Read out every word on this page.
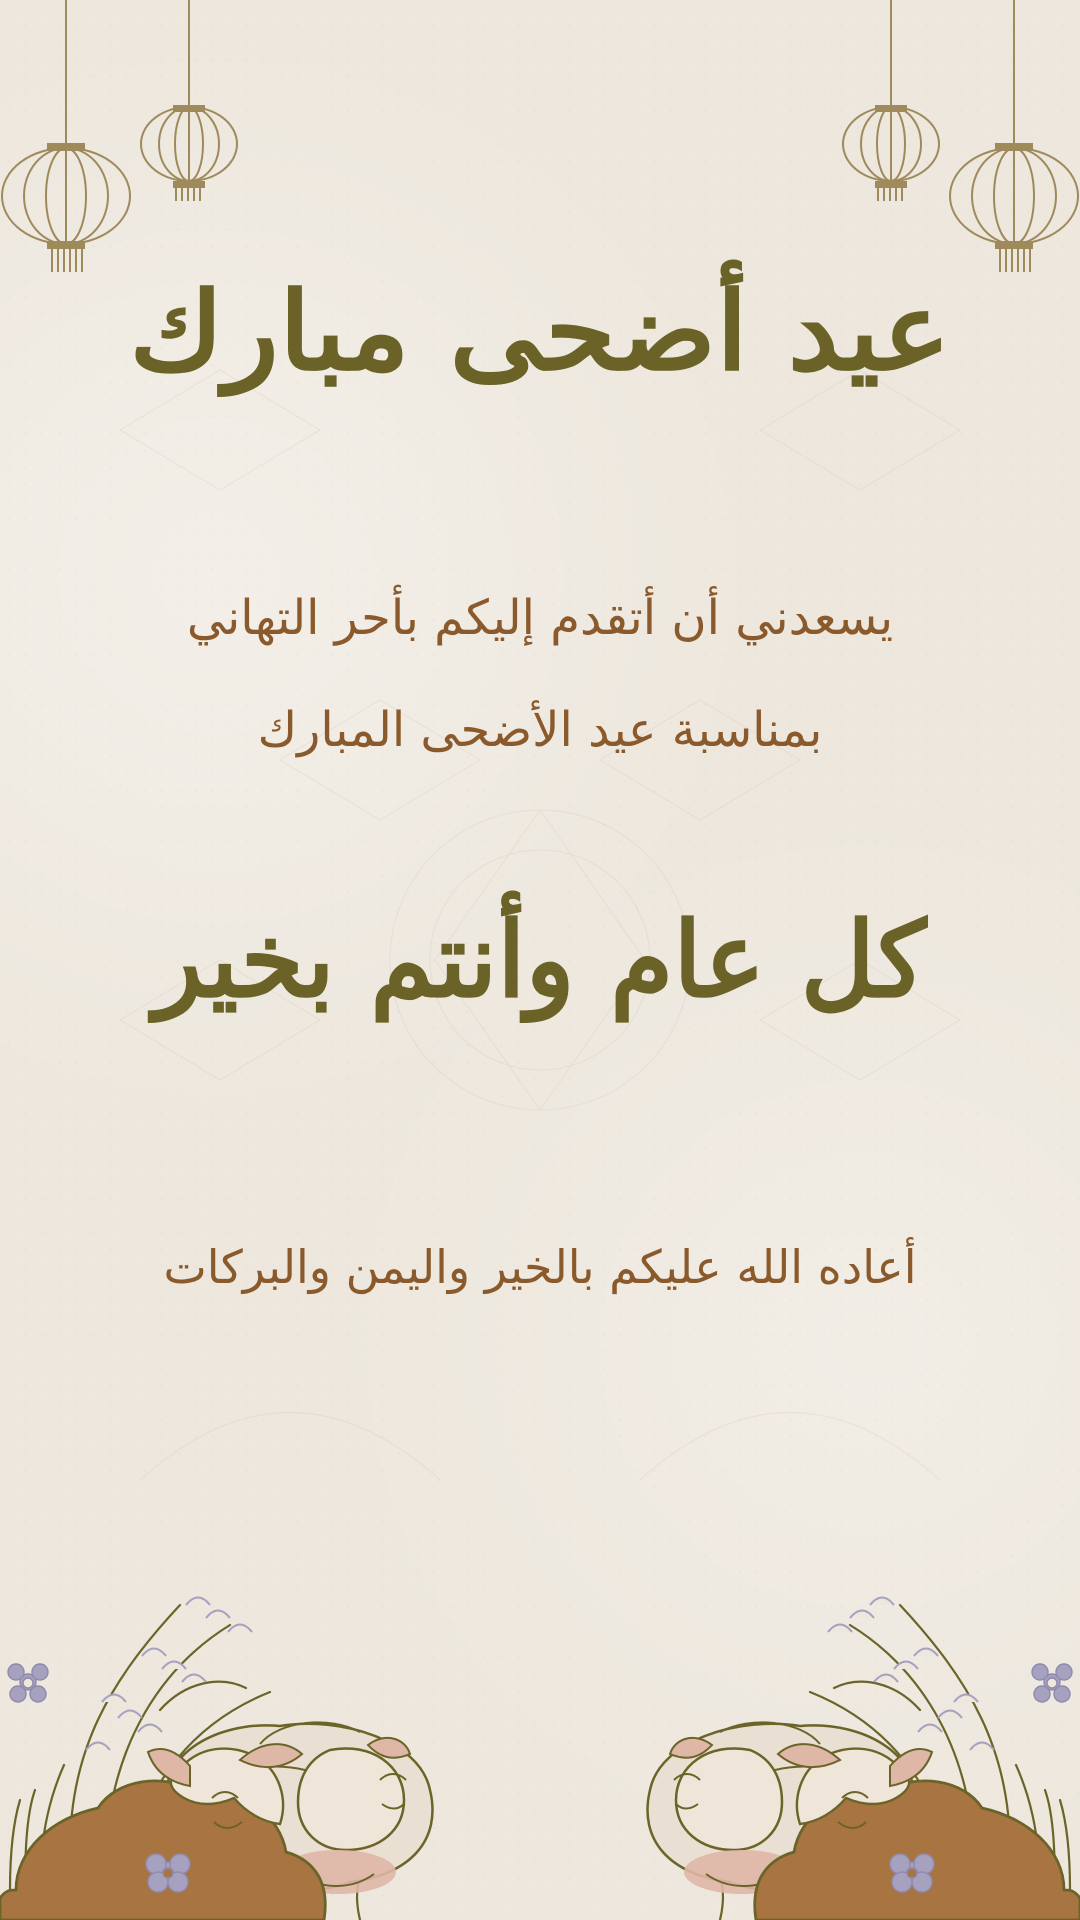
عيد أضحى مبارك
يسعدني أن أتقدم إليكم بأحر التهاني
بمناسبة عيد الأضحى المبارك
كل عام وأنتم بخير
أعاده الله عليكم بالخير واليمن والبركات
